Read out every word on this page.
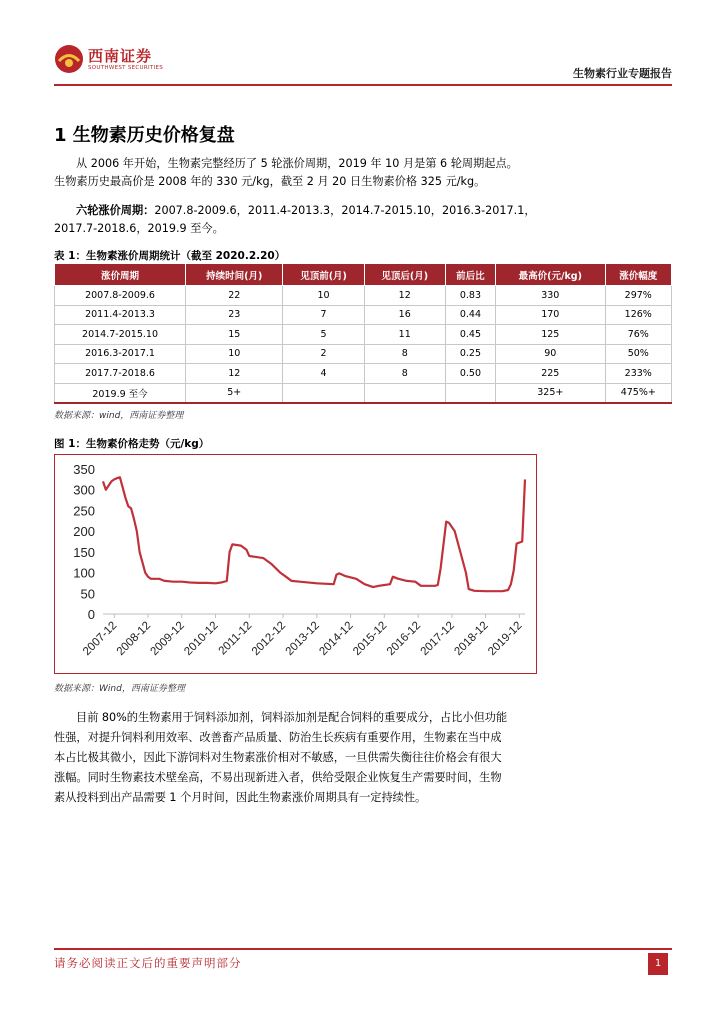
西南证券
SOUTHWEST SECURITIES	生物素行业专题报告
1 生物素历史价格复盘
从 2006 年开始，生物素完整经历了 5 轮涨价周期，2019 年 10 月是第 6 轮周期起点。
生物素历史最高价是 2008 年的 330 元/kg，截至 2 月 20 日生物素价格 325 元/kg。
六轮涨价周期：2007.8-2009.6，2011.4-2013.3，2014.7-2015.10，2016.3-2017.1，
2017.7-2018.6，2019.9 至今。
表 1：生物素涨价周期统计（截至 2020.2.20）
涨价周期	持续时间(月)	见顶前(月)	见顶后(月)	前后比	最高价(元/kg)	涨价幅度
2007.8-2009.6	22	10	12	0.83	330	297%
2011.4-2013.3	23	7	16	0.44	170	126%
2014.7-2015.10	15	5	11	0.45	125	76%
2016.3-2017.1	10	2	8	0.25	90	50%
2017.7-2018.6	12	4	8	0.50	225	233%
2019.9 至今	5+				325+	475%+
数据来源：wind，西南证券整理
图 1：生物素价格走势（元/kg）
0
50
100
150
200
250
300
350
2007-12
2008-12
2009-12
2010-12
2011-12
2012-12
2013-12
2014-12
2015-12
2016-12
2017-12
2018-12
2019-12
数据来源：Wind，西南证券整理
目前 80%的生物素用于饲料添加剂，饲料添加剂是配合饲料的重要成分，占比小但功能
性强，对提升饲料利用效率、改善畜产品质量、防治生长疾病有重要作用，生物素在当中成
本占比极其微小，因此下游饲料对生物素涨价相对不敏感，一旦供需失衡往往价格会有很大
涨幅。同时生物素技术壁垒高，不易出现新进入者，供给受限企业恢复生产需要时间，生物
素从投料到出产品需要 1 个月时间，因此生物素涨价周期具有一定持续性。
请务必阅读正文后的重要声明部分	1
